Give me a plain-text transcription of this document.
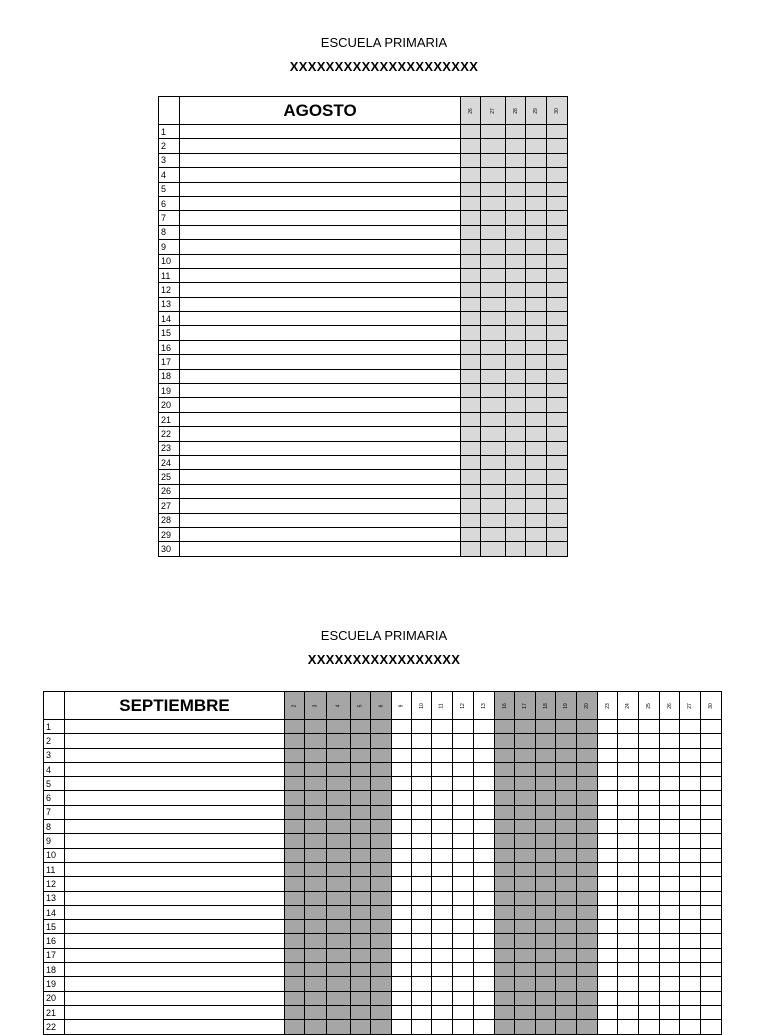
ESCUELA PRIMARIA
XXXXXXXXXXXXXXXXXXXXX
	AGOSTO	26	27	28	29	30
1						
2						
3						
4						
5						
6						
7						
8						
9						
10						
11						
12						
13						
14						
15						
16						
17						
18						
19						
20						
21						
22						
23						
24						
25						
26						
27						
28						
29						
30						
ESCUELA PRIMARIA
XXXXXXXXXXXXXXXXX
	SEPTIEMBRE	2	3	4	5	6	9	10	11	12	13	16	17	18	19	20	23	24	25	26	27	30
1																						
2																						
3																						
4																						
5																						
6																						
7																						
8																						
9																						
10																						
11																						
12																						
13																						
14																						
15																						
16																						
17																						
18																						
19																						
20																						
21																						
22																						
